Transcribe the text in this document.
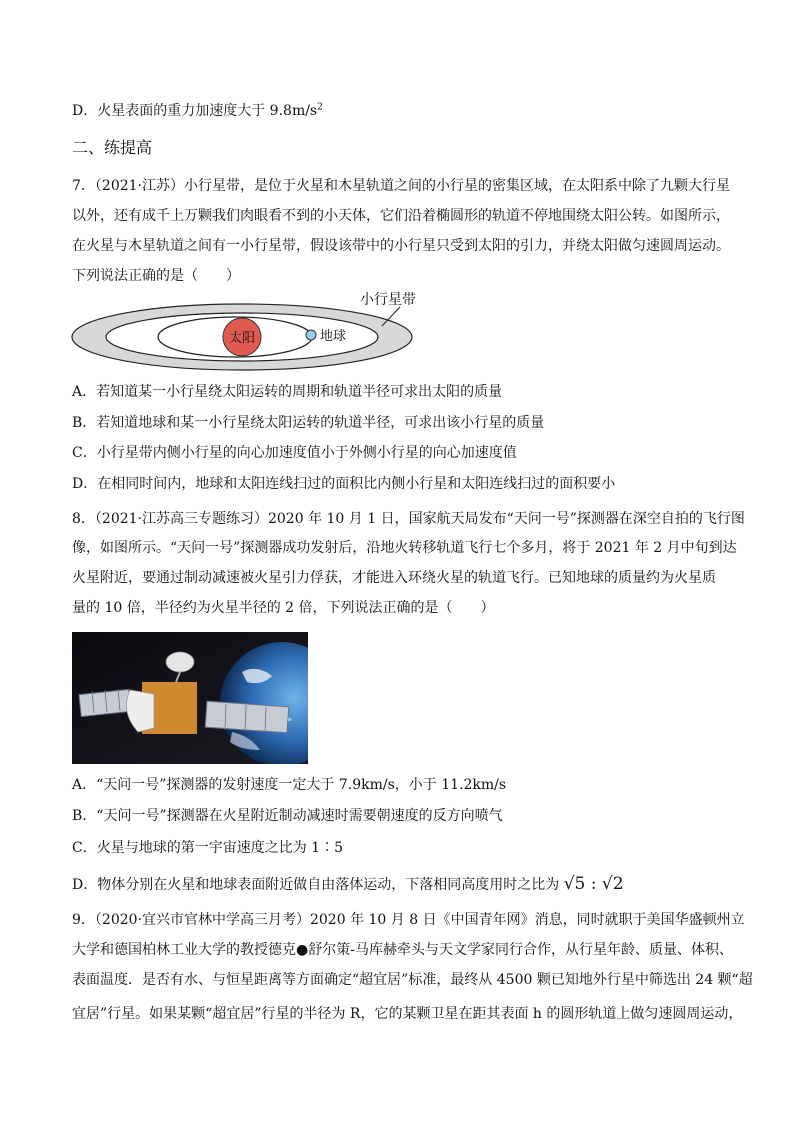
D．火星表面的重力加速度大于 $9.8m/s^2$
二、练提高
7．（2021·江苏）小行星带，是位于火星和木星轨道之间的小行星的密集区域，在太阳系中除了九颗大行星
以外，还有成千上万颗我们肉眼看不到的小天体，它们沿着椭圆形的轨道不停地围绕太阳公转。如图所示，
在火星与木星轨道之间有一小行星带，假设该带中的小行星只受到太阳的引力，并绕太阳做匀速圆周运动。
下列说法正确的是（　　）
太阳	地球
小行星带
A．若知道某一小行星绕太阳运转的周期和轨道半径可求出太阳的质量
B．若知道地球和某一小行星绕太阳运转的轨道半径，可求出该小行星的质量
C．小行星带内侧小行星的向心加速度值小于外侧小行星的向心加速度值
D．在相同时间内，地球和太阳连线扫过的面积比内侧小行星和太阳连线扫过的面积要小
8．（2021·江苏高三专题练习）2020 年 10 月 1 日，国家航天局发布“天问一号”探测器在深空自拍的飞行图
像，如图所示。“天问一号”探测器成功发射后，沿地火转移轨道飞行七个多月，将于 2021 年 2 月中旬到达
火星附近，要通过制动减速被火星引力俘获，才能进入环绕火星的轨道飞行。已知地球的质量约为火星质
量的 10 倍，半径约为火星半径的 2 倍，下列说法正确的是（　　）
A．“天问一号”探测器的发射速度一定大于 7.9km/s，小于 11.2km/s
B．“天问一号”探测器在火星附近制动减速时需要朝速度的反方向喷气
C．火星与地球的第一宇宙速度之比为 1∶5
D．物体分别在火星和地球表面附近做自由落体运动，下落相同高度用时之比为 √5 : √2
9．（2020·宜兴市官林中学高三月考）2020 年 10 月 8 日《中国青年网》消息，同时就职于美国华盛顿州立
大学和德国柏林工业大学的教授德克●舒尔策-马库赫牵头与天文学家同行合作，从行星年龄、质量、体积、
表面温度．是否有水、与恒星距离等方面确定“超宜居”标准，最终从 4500 颗已知地外行星中筛选出 24 颗“超
宜居”行星。如果某颗“超宜居”行星的半径为 R，它的某颗卫星在距其表面 h 的圆形轨道上做匀速圆周运动，
